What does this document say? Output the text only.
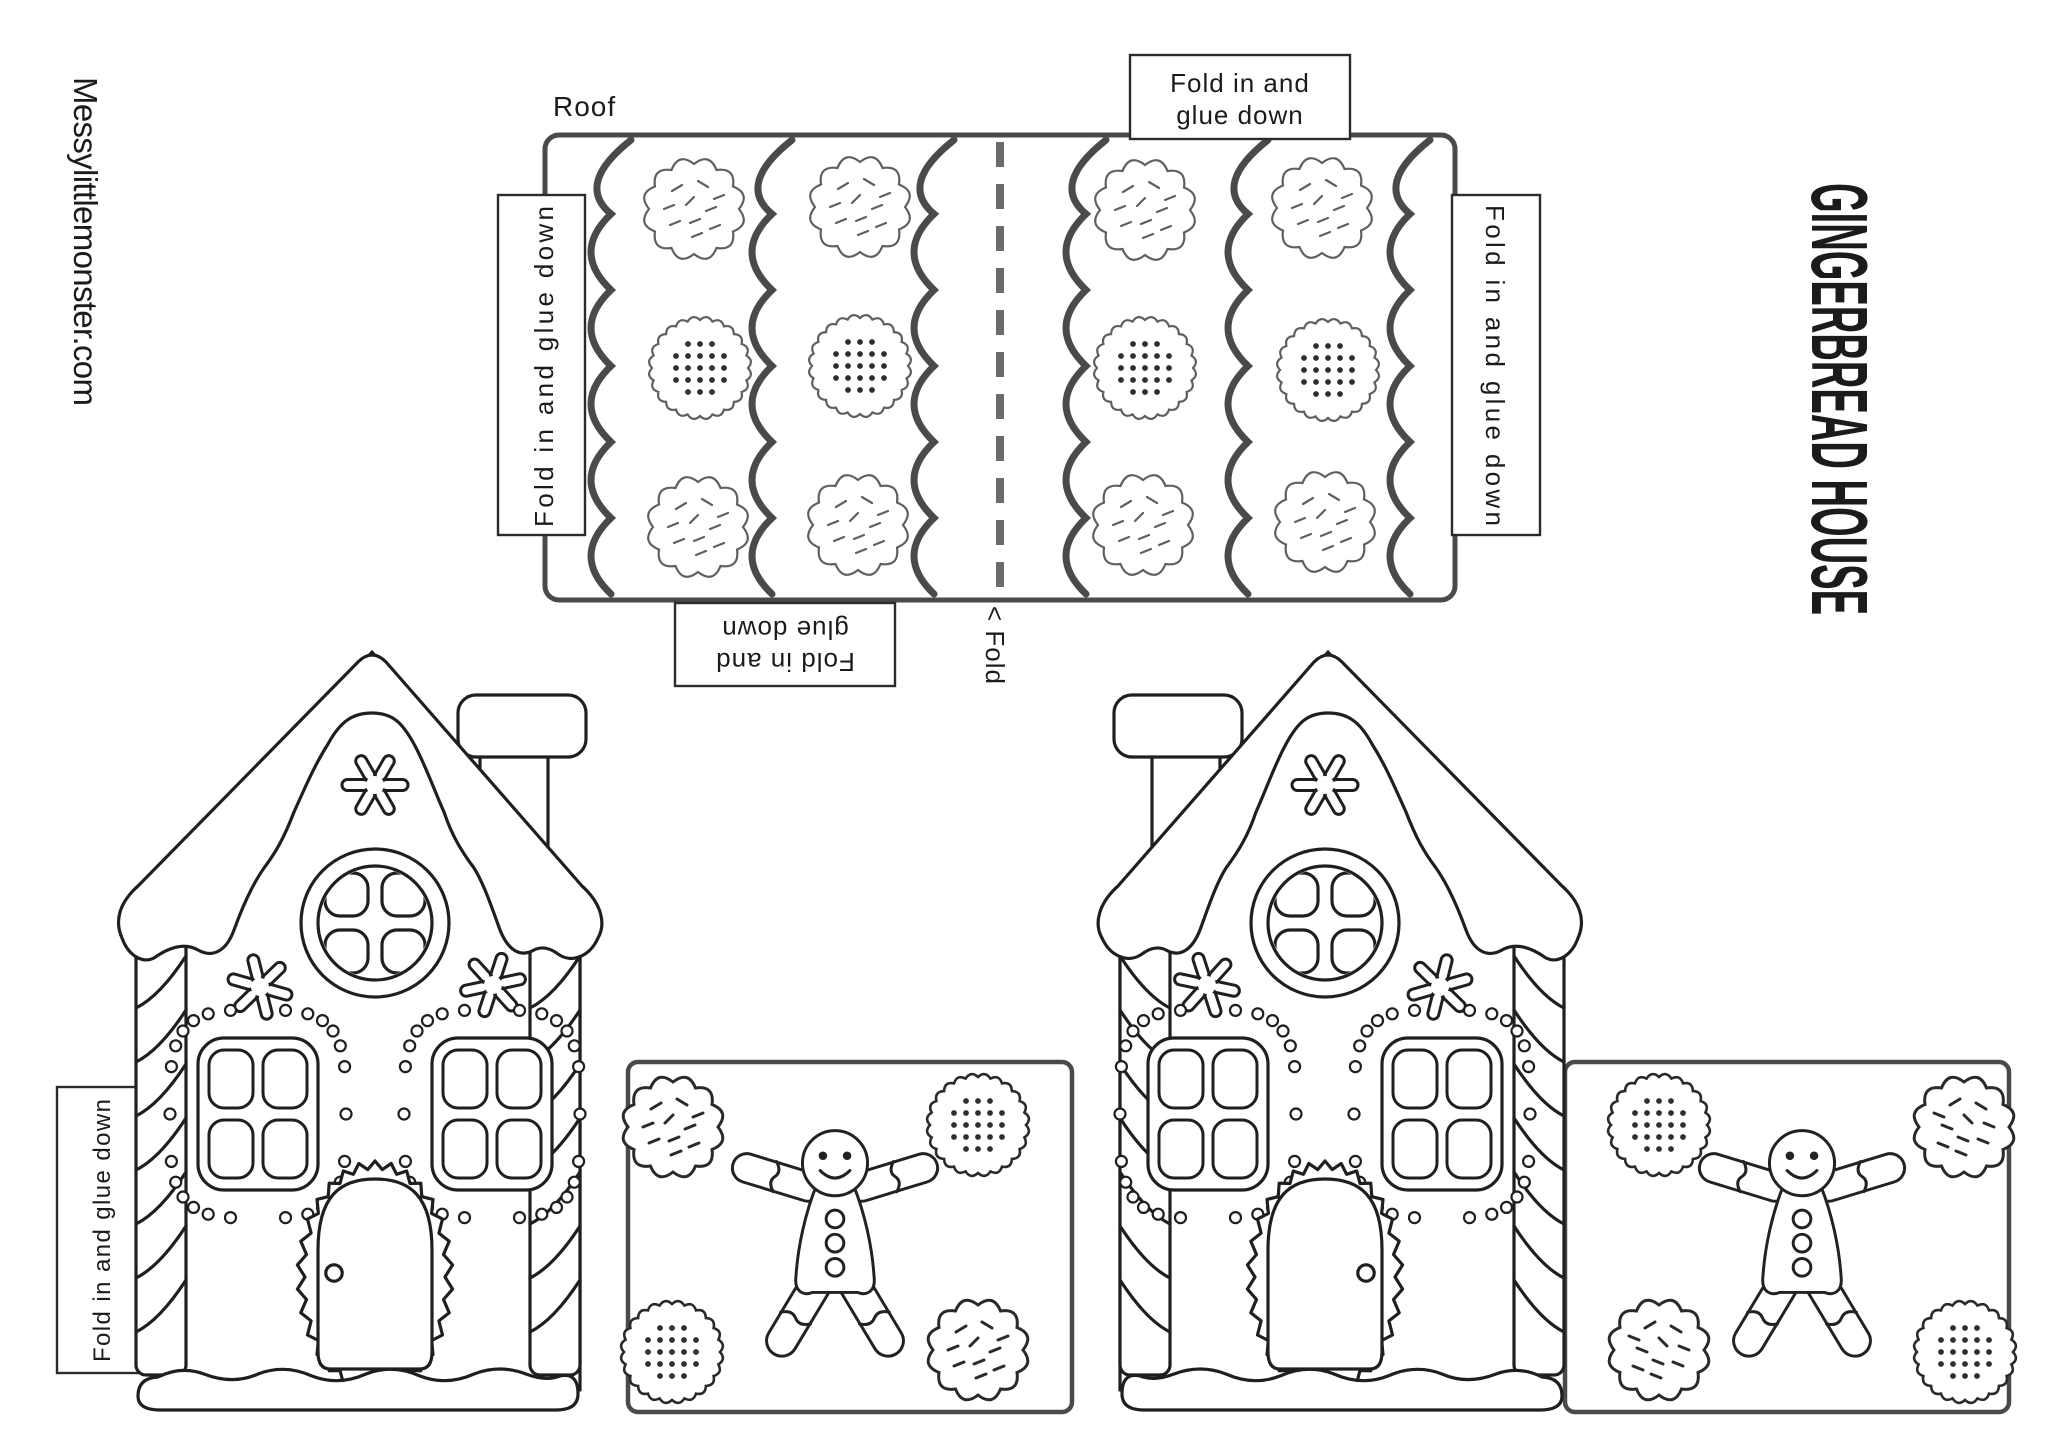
Fold in and
glue down
Fold in and glue down	Fold in and glue down
Fold in and
glue down
Fold in and glue down
Roof
< Fold
Messylittlemonster.com	GINGERBREAD HOUSE
